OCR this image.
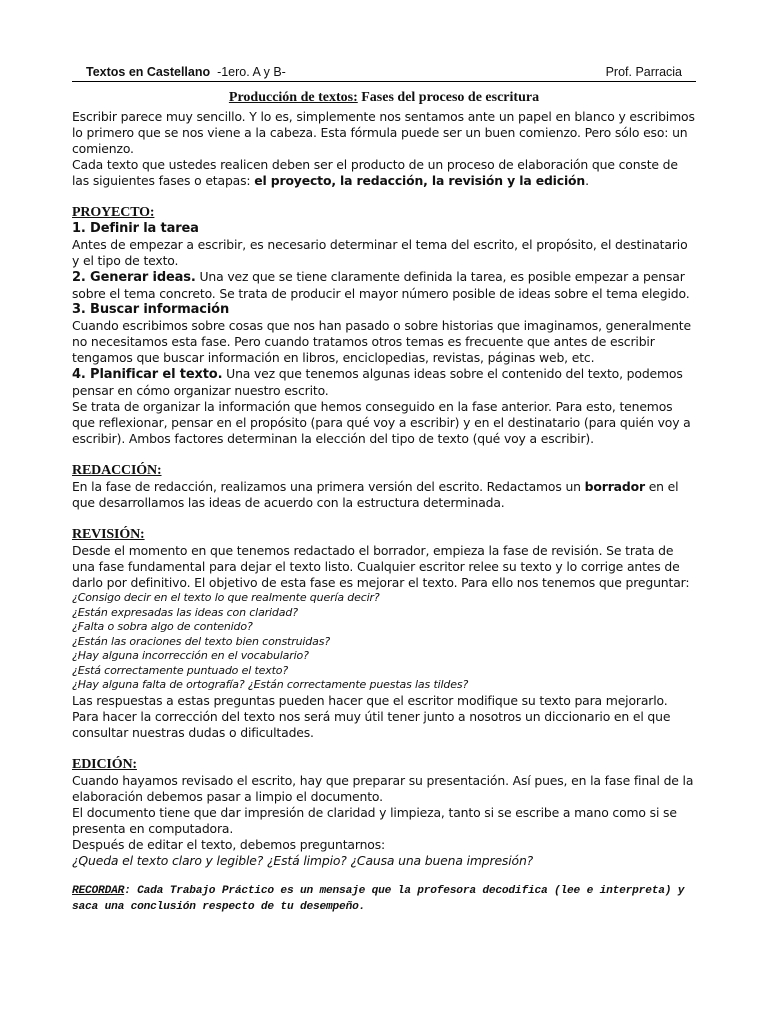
Textos en Castellano -1ero. A y B-	Prof. Parracia
Producción de textos: Fases del proceso de escritura

Escribir parece muy sencillo. Y lo es, simplemente nos sentamos ante un papel en blanco y escribimos lo primero que se nos viene a la cabeza. Esta fórmula puede ser un buen comienzo. Pero sólo eso: un comienzo.

Cada texto que ustedes realicen deben ser el producto de un proceso de elaboración que conste de las siguientes fases o etapas: el proyecto, la redacción, la revisión y la edición.

PROYECTO:

1. Definir la tarea

Antes de empezar a escribir, es necesario determinar el tema del escrito, el propósito, el destinatario y el tipo de texto.

2. Generar ideas. Una vez que se tiene claramente definida la tarea, es posible empezar a pensar sobre el tema concreto. Se trata de producir el mayor número posible de ideas sobre el tema elegido.

3. Buscar información

Cuando escribimos sobre cosas que nos han pasado o sobre historias que imaginamos, generalmente no necesitamos esta fase. Pero cuando tratamos otros temas es frecuente que antes de escribir tengamos que buscar información en libros, enciclopedias, revistas, páginas web, etc.

4. Planificar el texto. Una vez que tenemos algunas ideas sobre el contenido del texto, podemos pensar en cómo organizar nuestro escrito.

Se trata de organizar la información que hemos conseguido en la fase anterior. Para esto, tenemos que reflexionar, pensar en el propósito (para qué voy a escribir) y en el destinatario (para quién voy a escribir). Ambos factores determinan la elección del tipo de texto (qué voy a escribir).

REDACCIÓN:

En la fase de redacción, realizamos una primera versión del escrito. Redactamos un borrador en el que desarrollamos las ideas de acuerdo con la estructura determinada.

REVISIÓN:

Desde el momento en que tenemos redactado el borrador, empieza la fase de revisión. Se trata de una fase fundamental para dejar el texto listo. Cualquier escritor relee su texto y lo corrige antes de darlo por definitivo. El objetivo de esta fase es mejorar el texto. Para ello nos tenemos que preguntar:

¿Consigo decir en el texto lo que realmente quería decir?

¿Están expresadas las ideas con claridad?

¿Falta o sobra algo de contenido?

¿Están las oraciones del texto bien construidas?

¿Hay alguna incorrección en el vocabulario?

¿Está correctamente puntuado el texto?

¿Hay alguna falta de ortografía? ¿Están correctamente puestas las tildes?

Las respuestas a estas preguntas pueden hacer que el escritor modifique su texto para mejorarlo. Para hacer la corrección del texto nos será muy útil tener junto a nosotros un diccionario en el que consultar nuestras dudas o dificultades.

EDICIÓN:

Cuando hayamos revisado el escrito, hay que preparar su presentación. Así pues, en la fase final de la elaboración debemos pasar a limpio el documento.

El documento tiene que dar impresión de claridad y limpieza, tanto si se escribe a mano como si se presenta en computadora.

Después de editar el texto, debemos preguntarnos:

¿Queda el texto claro y legible? ¿Está limpio? ¿Causa una buena impresión?

RECORDAR: Cada Trabajo Práctico es un mensaje que la profesora decodifica (lee e interpreta) y saca una conclusión respecto de tu desempeño.
